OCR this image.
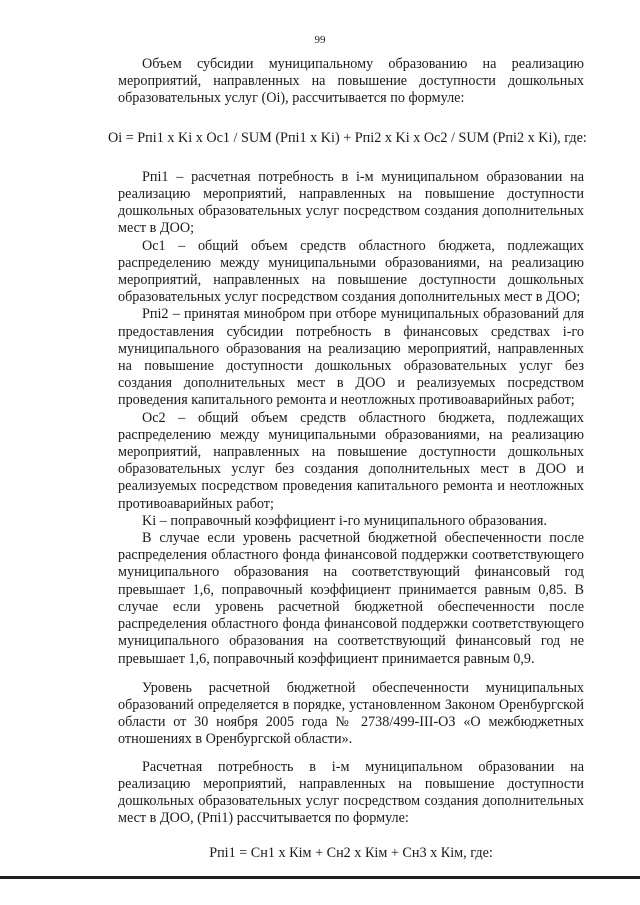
99

Объем субсидии муниципальному образованию на реализацию мероприятий, направленных на повышение доступности дошкольных образовательных услуг (Oi), рассчитывается по формуле:

Oi = Рпi1 x Ki x Ос1 / SUM (Рпi1 x Ki) + Рпi2 x Ki x Ос2 / SUM (Рпi2 x Ki), где:

Рпi1 – расчетная потребность в i-м муниципальном образовании на реализацию мероприятий, направленных на повышение доступности дошкольных образовательных услуг посредством создания дополнительных мест в ДОО;

Ос1 – общий объем средств областного бюджета, подлежащих распределению между муниципальными образованиями, на реализацию мероприятий, направленных на повышение доступности дошкольных образовательных услуг посредством создания дополнительных мест в ДОО;

Рпi2 – принятая минобром при отборе муниципальных образований для предоставления субсидии потребность в финансовых средствах i-го муниципального образования на реализацию мероприятий, направленных на повышение доступности дошкольных образовательных услуг без создания дополнительных мест в ДОО и реализуемых посредством проведения капитального ремонта и неотложных противоаварийных работ;

Ос2 – общий объем средств областного бюджета, подлежащих распределению между муниципальными образованиями, на реализацию мероприятий, направленных на повышение доступности дошкольных образовательных услуг без создания дополнительных мест в ДОО и реализуемых посредством проведения капитального ремонта и неотложных противоаварийных работ;

Ki – поправочный коэффициент i-го муниципального образования.

В случае если уровень расчетной бюджетной обеспеченности после распределения областного фонда финансовой поддержки соответствующего муниципального образования на соответствующий финансовый год превышает 1,6, поправочный коэффициент принимается равным 0,85. В случае если уровень расчетной бюджетной обеспеченности после распределения областного фонда финансовой поддержки соответствующего муниципального образования на соответствующий финансовый год не превышает 1,6, поправочный коэффициент принимается равным 0,9.

Уровень расчетной бюджетной обеспеченности муниципальных образований определяется в порядке, установленном Законом Оренбургской области от 30 ноября 2005 года № 2738/499-III-ОЗ «О межбюджетных отношениях в Оренбургской области».

Расчетная потребность в i-м муниципальном образовании на реализацию мероприятий, направленных на повышение доступности дошкольных образовательных услуг посредством создания дополнительных мест в ДОО, (Рпi1) рассчитывается по формуле:

Рпi1 = Сн1 x Кiм + Сн2 x Кiм + Сн3 x Кiм, где:
